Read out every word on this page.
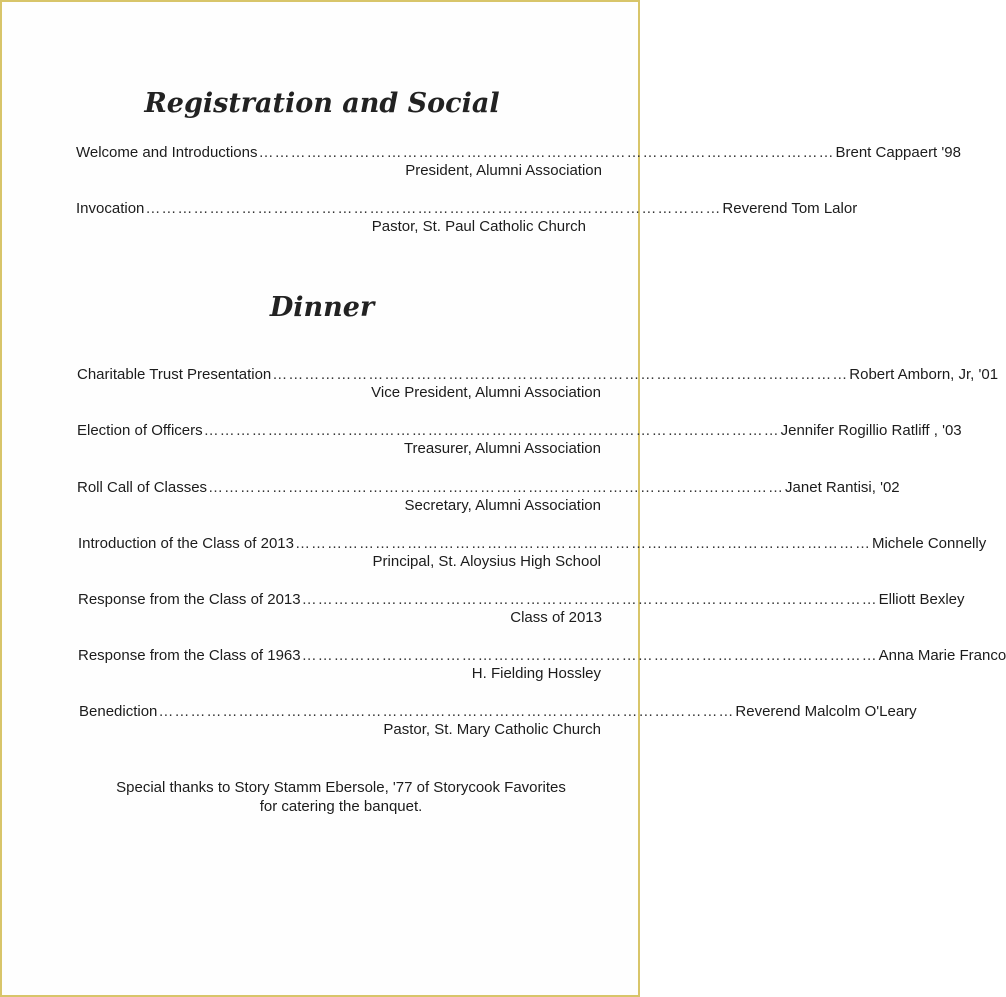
Registration and Social
Welcome and Introductions ……………………………………………………………………………………………… Brent Cappaert '98
President, Alumni Association
Invocation ……………………………………………………………………………………………… Reverend Tom Lalor
Pastor, St. Paul Catholic Church
Dinner
Charitable Trust Presentation ……………………………………………………………………………………………… Robert Amborn, Jr, '01
Vice President, Alumni Association
Election of Officers ……………………………………………………………………………………………… Jennifer Rogillio Ratliff , '03
Treasurer, Alumni Association
Roll Call of Classes ……………………………………………………………………………………………… Janet Rantisi, '02
Secretary, Alumni Association
Introduction of the Class of 2013 ……………………………………………………………………………………………… Michele Connelly
Principal, St. Aloysius High School
Response from the Class of 2013 ……………………………………………………………………………………………… Elliott Bexley
Class of 2013
Response from the Class of 1963 ……………………………………………………………………………………………… Anna Marie Franco
H. Fielding Hossley
Benediction ……………………………………………………………………………………………… Reverend Malcolm O'Leary
Pastor, St. Mary Catholic Church
Special thanks to Story Stamm Ebersole, '77 of Storycook Favorites
for catering the banquet.
